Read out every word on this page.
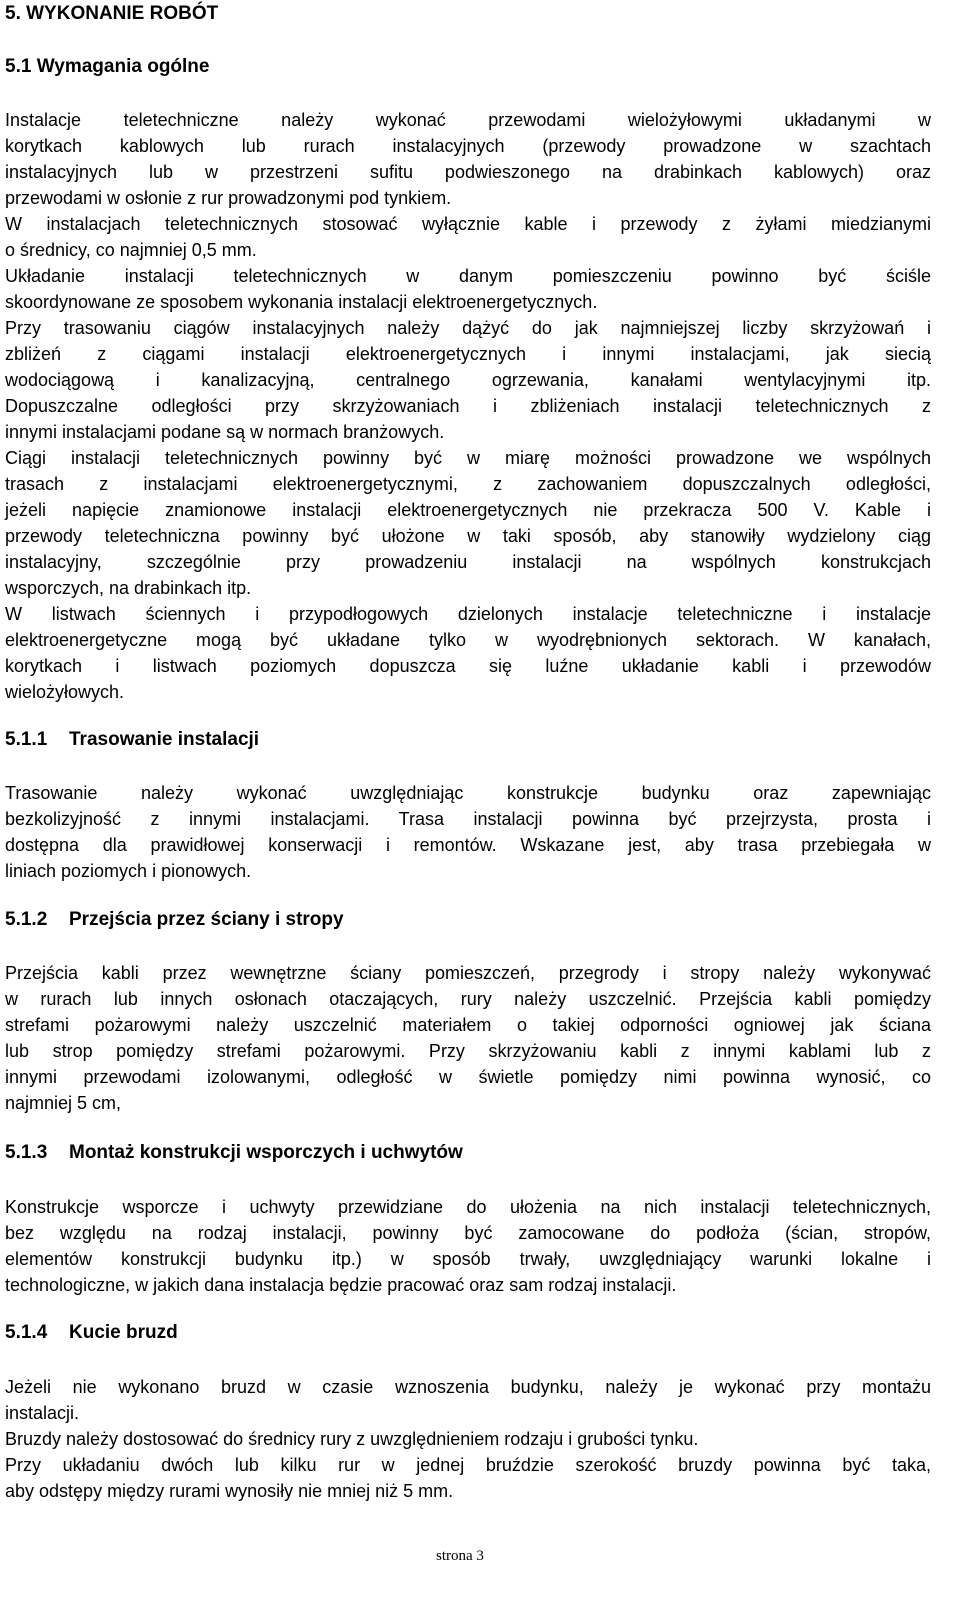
5. WYKONANIE ROBÓT
5.1 Wymagania ogólne
Instalacje teletechniczne należy wykonać przewodami wielożyłowymi układanymi w
korytkach kablowych lub rurach instalacyjnych (przewody prowadzone w szachtach
instalacyjnych lub w przestrzeni sufitu podwieszonego na drabinkach kablowych) oraz
przewodami w osłonie z rur prowadzonymi pod tynkiem.
W instalacjach teletechnicznych stosować wyłącznie kable i przewody z żyłami miedzianymi
o średnicy, co najmniej 0,5 mm.
Układanie instalacji teletechnicznych w danym pomieszczeniu powinno być ściśle
skoordynowane ze sposobem wykonania instalacji elektroenergetycznych.
Przy trasowaniu ciągów instalacyjnych należy dążyć do jak najmniejszej liczby skrzyżowań i
zbliżeń z ciągami instalacji elektroenergetycznych i innymi instalacjami, jak siecią
wodociągową i kanalizacyjną, centralnego ogrzewania, kanałami wentylacyjnymi itp.
Dopuszczalne odległości przy skrzyżowaniach i zbliżeniach instalacji teletechnicznych z
innymi instalacjami podane są w normach branżowych.
Ciągi instalacji teletechnicznych powinny być w miarę możności prowadzone we wspólnych
trasach z instalacjami elektroenergetycznymi, z zachowaniem dopuszczalnych odległości,
jeżeli napięcie znamionowe instalacji elektroenergetycznych nie przekracza 500 V. Kable i
przewody teletechniczna powinny być ułożone w taki sposób, aby stanowiły wydzielony ciąg
instalacyjny, szczególnie przy prowadzeniu instalacji na wspólnych konstrukcjach
wsporczych, na drabinkach itp.
W listwach ściennych i przypodłogowych dzielonych instalacje teletechniczne i instalacje
elektroenergetyczne mogą być układane tylko w wyodrębnionych sektorach. W kanałach,
korytkach i listwach poziomych dopuszcza się luźne układanie kabli i przewodów
wielożyłowych.
5.1.1 Trasowanie instalacji
Trasowanie należy wykonać uwzględniając konstrukcje budynku oraz zapewniając
bezkolizyjność z innymi instalacjami. Trasa instalacji powinna być przejrzysta, prosta i
dostępna dla prawidłowej konserwacji i remontów. Wskazane jest, aby trasa przebiegała w
liniach poziomych i pionowych.
5.1.2 Przejścia przez ściany i stropy
Przejścia kabli przez wewnętrzne ściany pomieszczeń, przegrody i stropy należy wykonywać
w rurach lub innych osłonach otaczających, rury należy uszczelnić. Przejścia kabli pomiędzy
strefami pożarowymi należy uszczelnić materiałem o takiej odporności ogniowej jak ściana
lub strop pomiędzy strefami pożarowymi. Przy skrzyżowaniu kabli z innymi kablami lub z
innymi przewodami izolowanymi, odległość w świetle pomiędzy nimi powinna wynosić, co
najmniej 5 cm,
5.1.3 Montaż konstrukcji wsporczych i uchwytów
Konstrukcje wsporcze i uchwyty przewidziane do ułożenia na nich instalacji teletechnicznych,
bez względu na rodzaj instalacji, powinny być zamocowane do podłoża (ścian, stropów,
elementów konstrukcji budynku itp.) w sposób trwały, uwzględniający warunki lokalne i
technologiczne, w jakich dana instalacja będzie pracować oraz sam rodzaj instalacji.
5.1.4 Kucie bruzd
Jeżeli nie wykonano bruzd w czasie wznoszenia budynku, należy je wykonać przy montażu
instalacji.
Bruzdy należy dostosować do średnicy rury z uwzględnieniem rodzaju i grubości tynku.
Przy układaniu dwóch lub kilku rur w jednej bruździe szerokość bruzdy powinna być taka,
aby odstępy między rurami wynosiły nie mniej niż 5 mm.
strona 3
